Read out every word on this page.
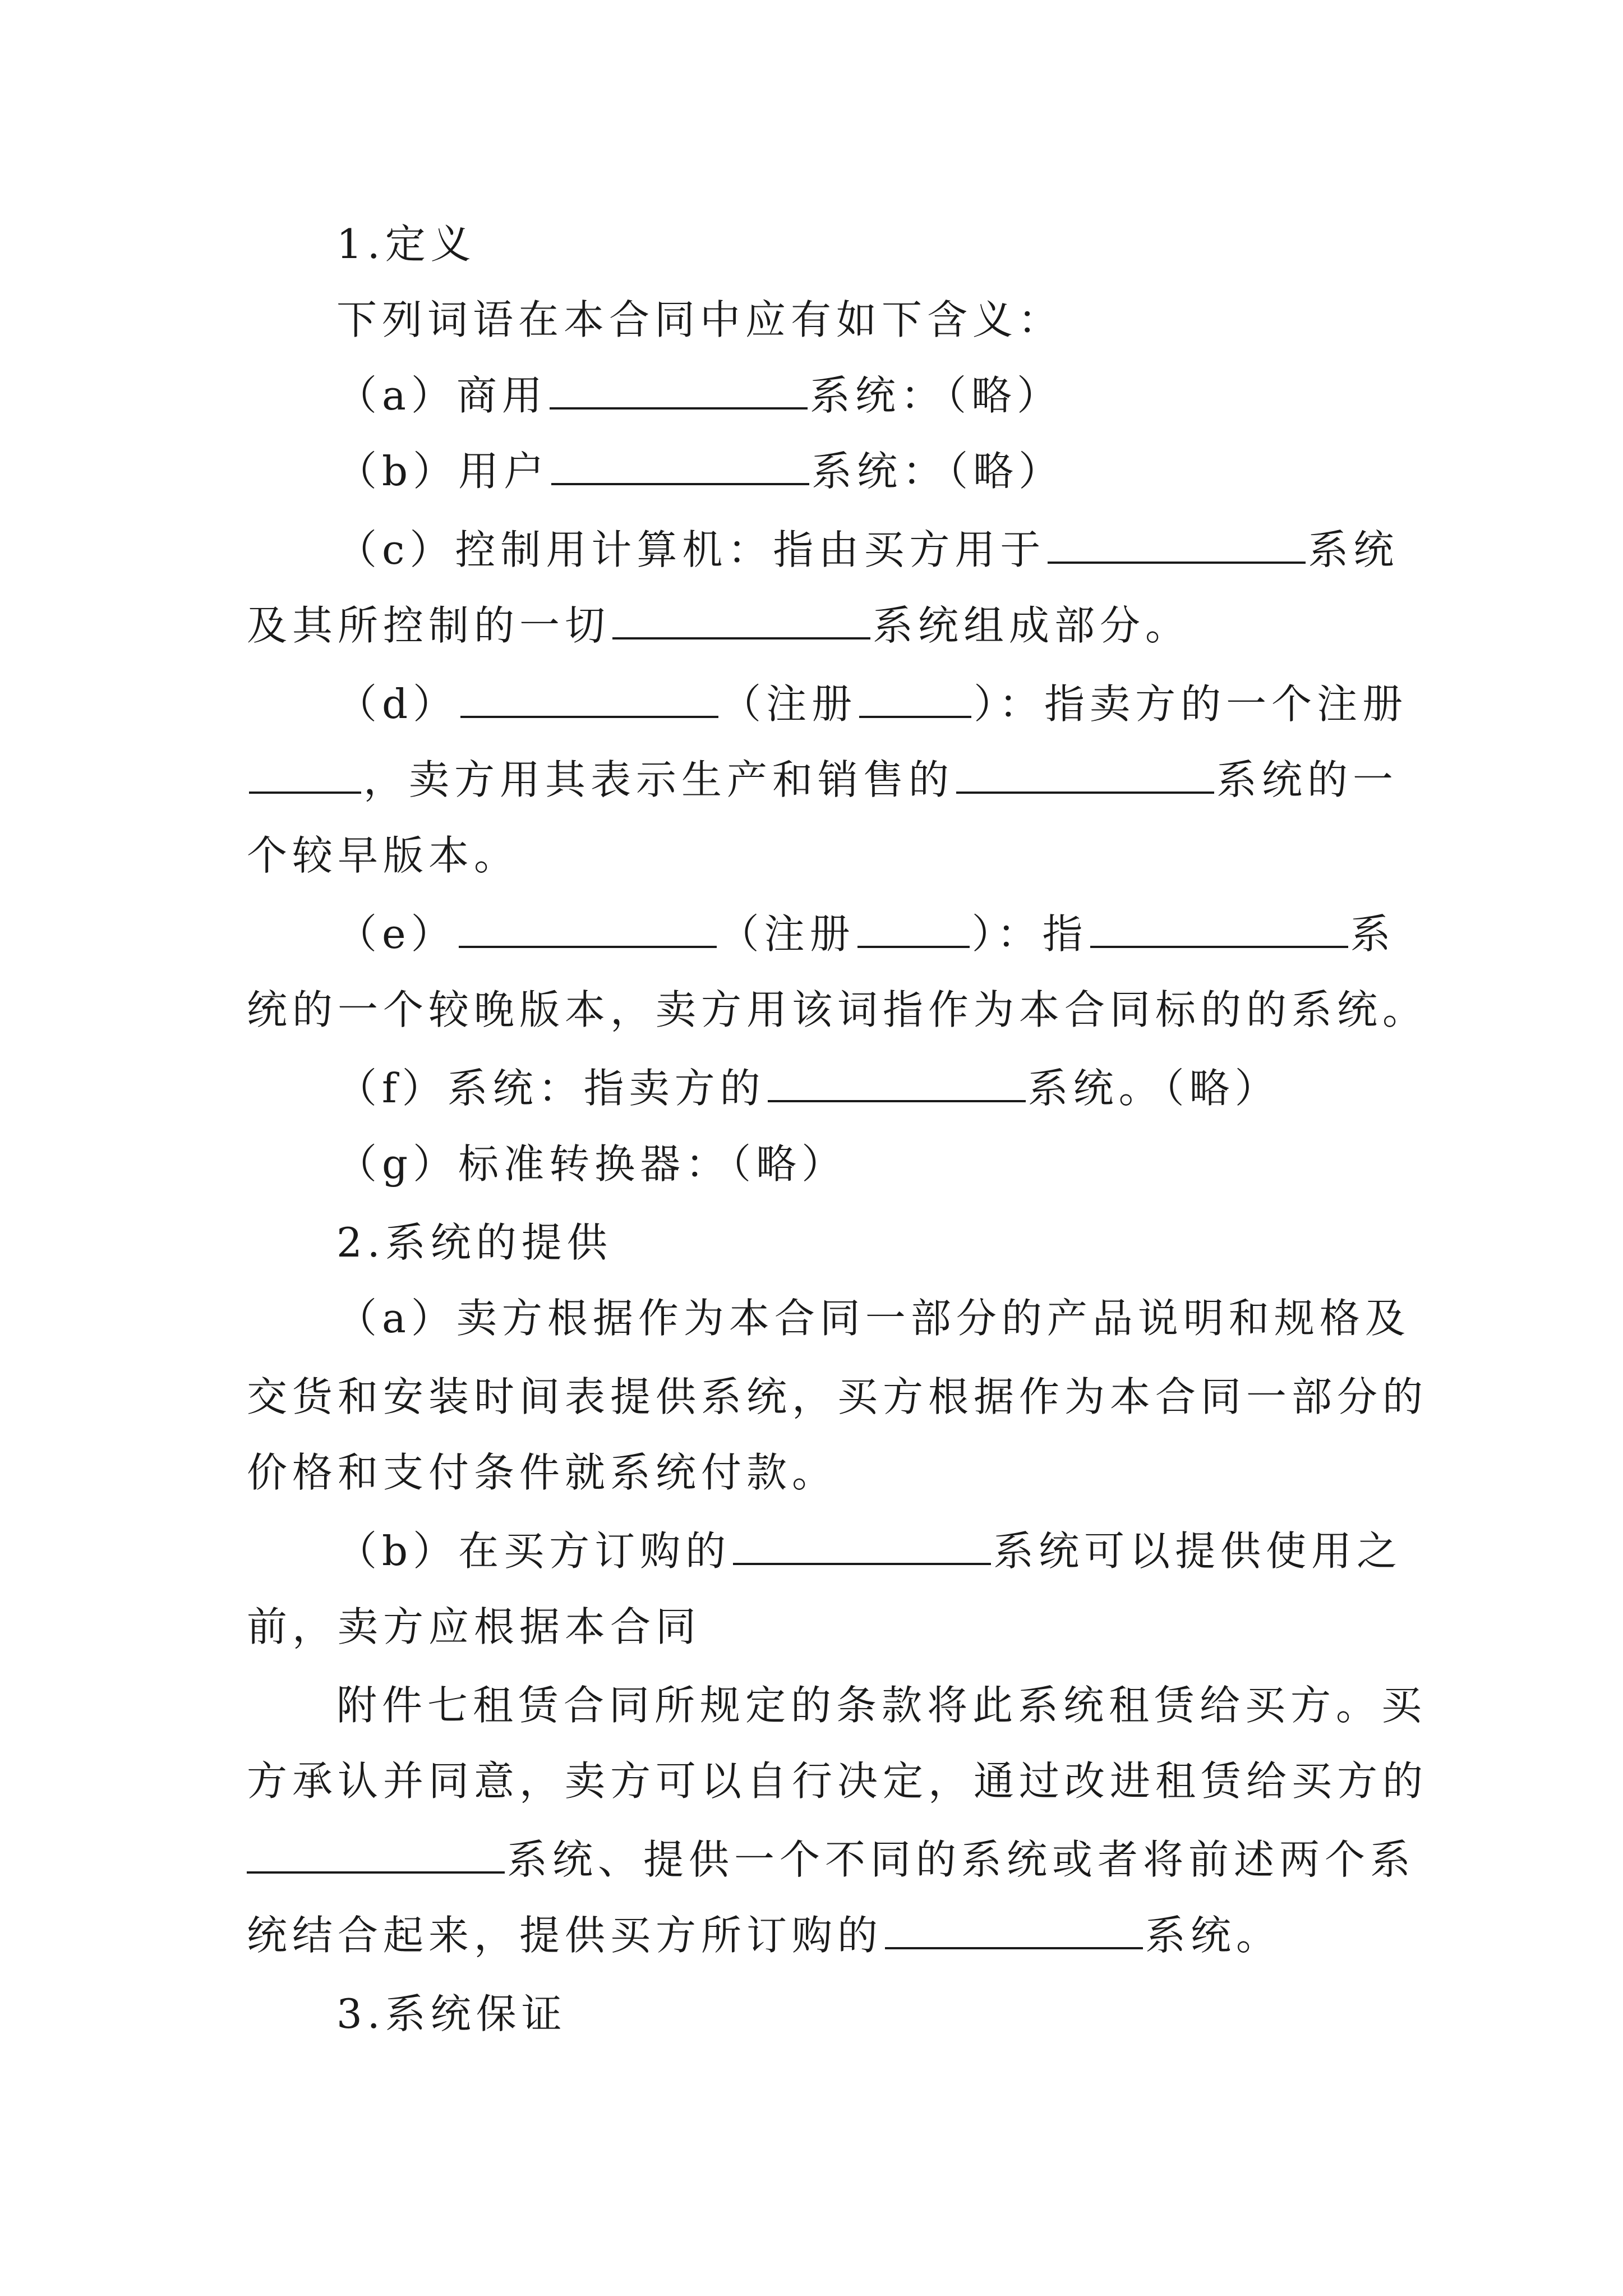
1.定义
下列词语在本合同中应有如下含义：
（a）商用	系统：（略）
（b）用户	系统：（略）
（c）控制用计算机：指由买方用于	系统
及其所控制的一切	系统组成部分。
（d）	（注册	）：指卖方的一个注册
，卖方用其表示生产和销售的	系统的一
个较早版本。
（e）	（注册	）：指	系
统的一个较晚版本，卖方用该词指作为本合同标的的系统。
（f）系统：指卖方的	系统。（略）
（g）标准转换器：（略）
2.系统的提供
（a）卖方根据作为本合同一部分的产品说明和规格及
交货和安装时间表提供系统，买方根据作为本合同一部分的
价格和支付条件就系统付款。
（b）在买方订购的	系统可以提供使用之
前，卖方应根据本合同
附件七租赁合同所规定的条款将此系统租赁给买方。买
方承认并同意，卖方可以自行决定，通过改进租赁给买方的
系统、提供一个不同的系统或者将前述两个系
统结合起来，提供买方所订购的	系统。
3.系统保证
